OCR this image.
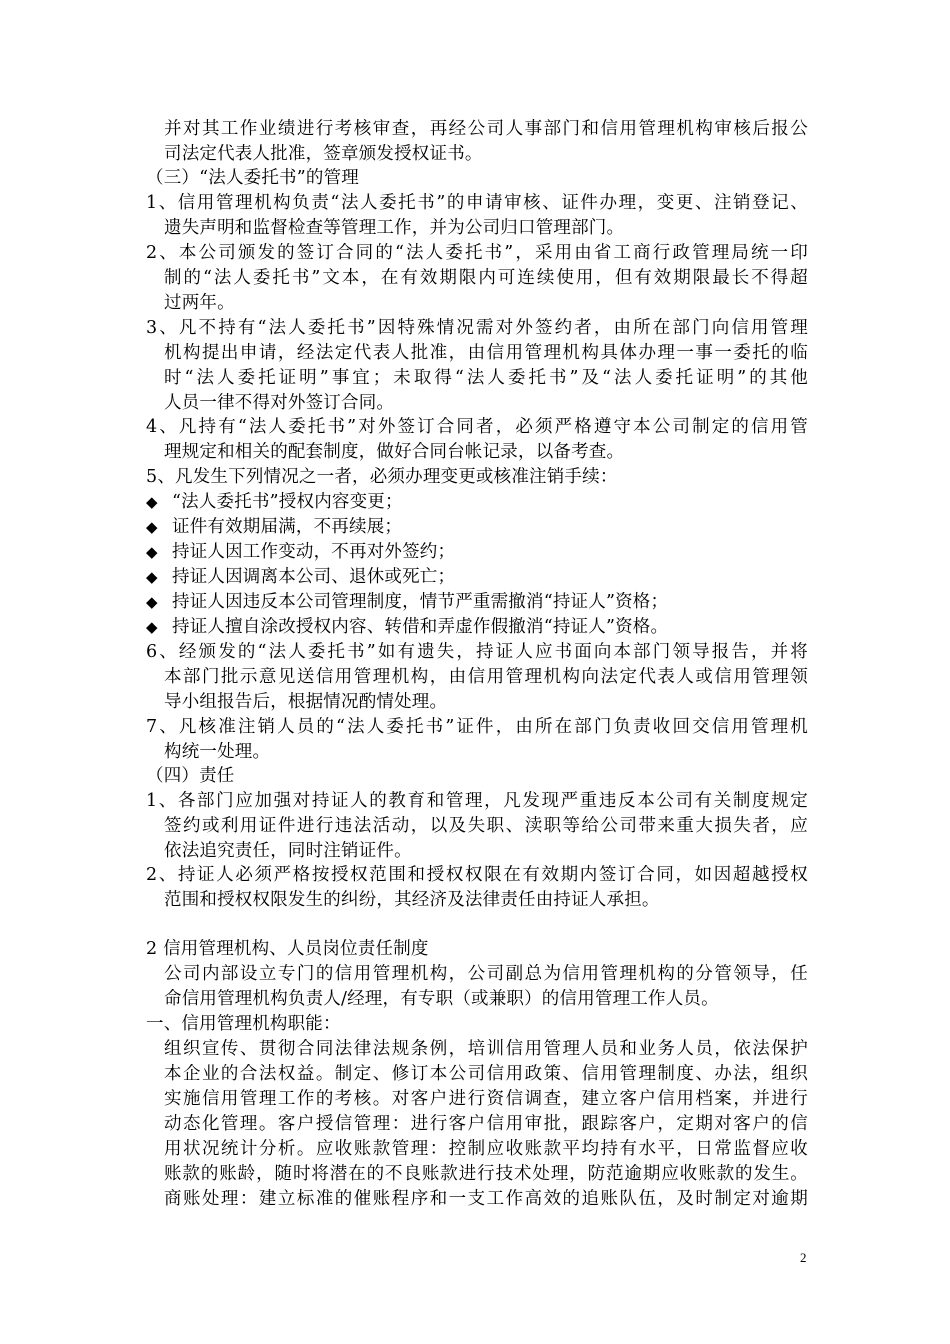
并对其工作业绩进行考核审查，再经公司人事部门和信用管理机构审核后报公
司法定代表人批准，签章颁发授权证书。
（三）“法人委托书”的管理
1、信用管理机构负责“法人委托书”的申请审核、证件办理，变更、注销登记、
遗失声明和监督检查等管理工作，并为公司归口管理部门。
2、本公司颁发的签订合同的“法人委托书”，采用由省工商行政管理局统一印
制的“法人委托书”文本，在有效期限内可连续使用，但有效期限最长不得超
过两年。
3、凡不持有“法人委托书”因特殊情况需对外签约者，由所在部门向信用管理
机构提出申请，经法定代表人批准，由信用管理机构具体办理一事一委托的临
时“法人委托证明”事宜；未取得“法人委托书”及“法人委托证明”的其他
人员一律不得对外签订合同。
4、凡持有“法人委托书”对外签订合同者，必须严格遵守本公司制定的信用管
理规定和相关的配套制度，做好合同台帐记录，以备考查。
5、凡发生下列情况之一者，必须办理变更或核准注销手续：
◆ “法人委托书”授权内容变更；
◆ 证件有效期届满，不再续展；
◆ 持证人因工作变动，不再对外签约；
◆ 持证人因调离本公司、退休或死亡；
◆ 持证人因违反本公司管理制度，情节严重需撤消“持证人”资格；
◆ 持证人擅自涂改授权内容、转借和弄虚作假撤消“持证人”资格。
6、经颁发的“法人委托书”如有遗失，持证人应书面向本部门领导报告，并将
本部门批示意见送信用管理机构，由信用管理机构向法定代表人或信用管理领
导小组报告后，根据情况酌情处理。
7、凡核准注销人员的“法人委托书”证件，由所在部门负责收回交信用管理机
构统一处理。
（四）责任
1、各部门应加强对持证人的教育和管理，凡发现严重违反本公司有关制度规定
签约或利用证件进行违法活动，以及失职、渎职等给公司带来重大损失者，应
依法追究责任，同时注销证件。
2、持证人必须严格按授权范围和授权权限在有效期内签订合同，如因超越授权
范围和授权权限发生的纠纷，其经济及法律责任由持证人承担。
2 信用管理机构、人员岗位责任制度
公司内部设立专门的信用管理机构，公司副总为信用管理机构的分管领导，任
命信用管理机构负责人/经理，有专职（或兼职）的信用管理工作人员。
一、信用管理机构职能：
组织宣传、贯彻合同法律法规条例，培训信用管理人员和业务人员，依法保护
本企业的合法权益。制定、修订本公司信用政策、信用管理制度、办法，组织
实施信用管理工作的考核。对客户进行资信调查，建立客户信用档案，并进行
动态化管理。客户授信管理：进行客户信用审批，跟踪客户，定期对客户的信
用状况统计分析。应收账款管理：控制应收账款平均持有水平，日常监督应收
账款的账龄，随时将潜在的不良账款进行技术处理，防范逾期应收账款的发生。
商账处理：建立标准的催账程序和一支工作高效的追账队伍，及时制定对逾期
2
